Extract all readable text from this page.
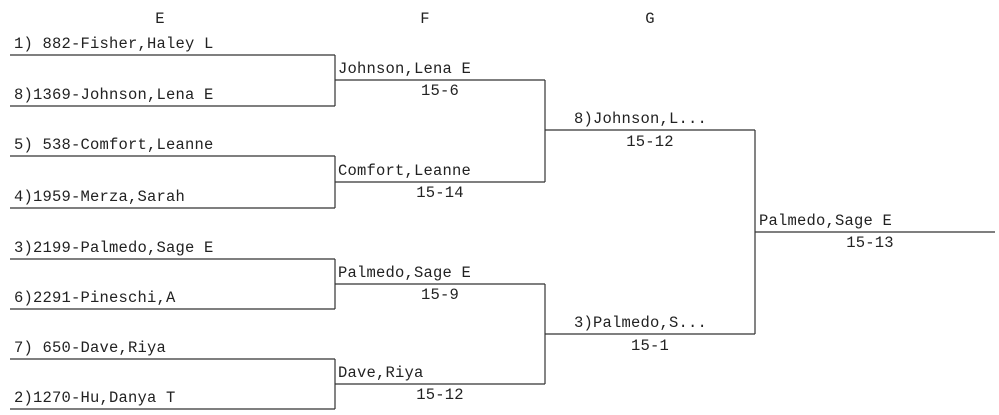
E	F	G
1) 882-Fisher,Haley L
8)1369-Johnson,Lena E
5) 538-Comfort,Leanne
4)1959-Merza,Sarah
3)2199-Palmedo,Sage E
6)2291-Pineschi,A
7) 650-Dave,Riya
2)1270-Hu,Danya T
Johnson,Lena E
15-6
Comfort,Leanne
15-14
Palmedo,Sage E
15-9
Dave,Riya
15-12
8)Johnson,L...
15-12
3)Palmedo,S...
15-1
Palmedo,Sage E
15-13
